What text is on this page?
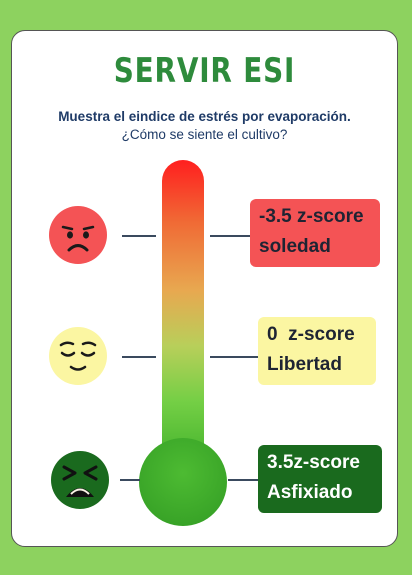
SERVIR ESI
Muestra el eindice de estrés por evaporación.
¿Cómo se siente el cultivo?
-3.5 z-score
soledad
0  z-score
Libertad
3.5z-score
Asfixiado
